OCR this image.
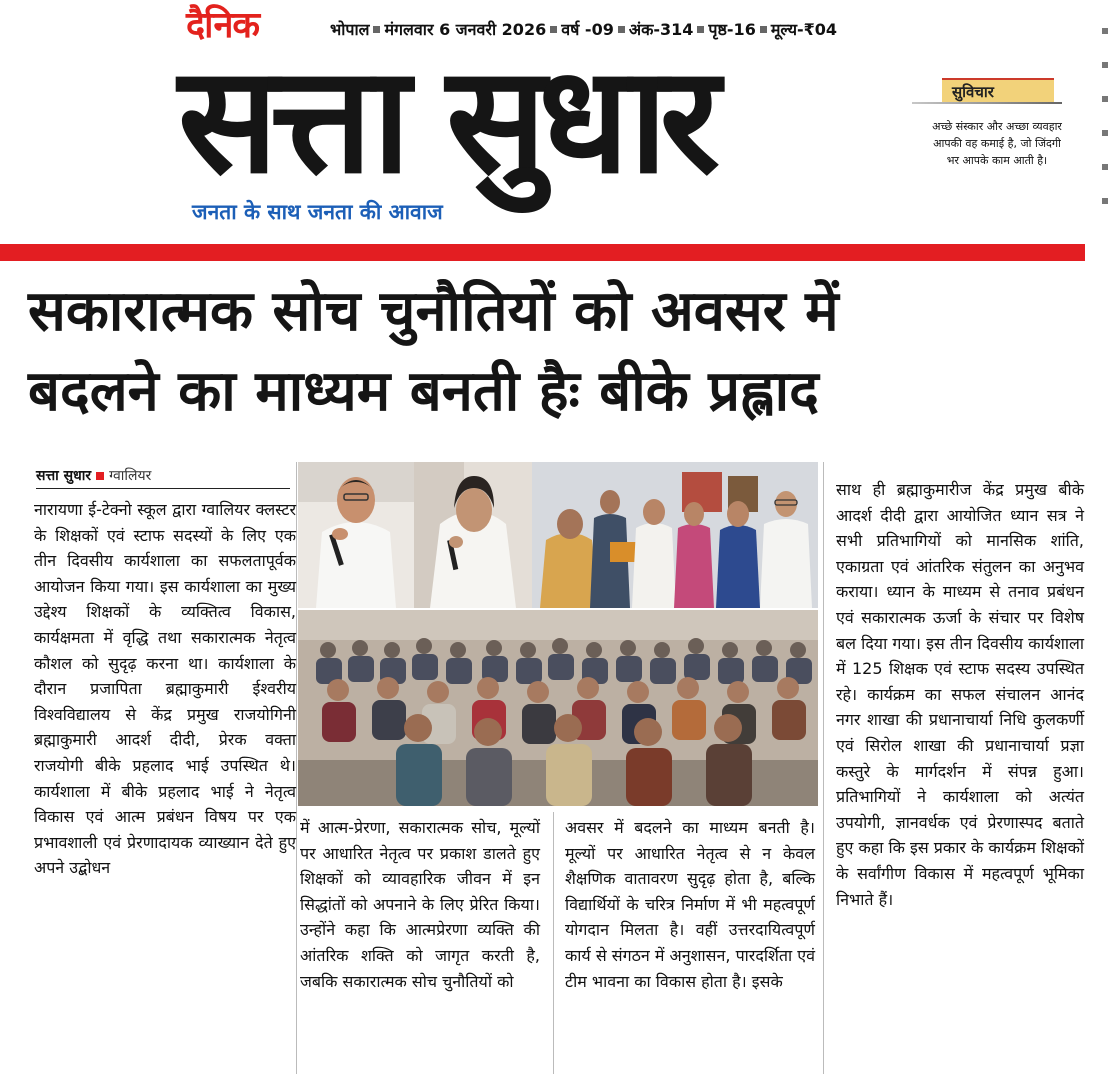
दैनिक	भोपाल मंगलवार 6 जनवरी 2026 वर्ष -09 अंक-314 पृष्ठ-16 मूल्य-₹04
सत्ता सुधार
जनता के साथ जनता की आवाज
सुविचार
अच्छे संस्कार और अच्छा व्यवहार आपकी वह कमाई है, जो जिंदगी भर आपके काम आती है।
सकारात्मक सोच चुनौतियों को अवसर में
बदलने का माध्यम बनती हैः बीके प्रह्लाद
सत्ता सुधार ग्वालियर
नारायणा ई-टेक्नो स्कूल द्वारा ग्वालियर क्लस्टर के शिक्षकों एवं स्टाफ सदस्यों के लिए एक तीन दिवसीय कार्यशाला का सफलतापूर्वक आयोजन किया गया। इस कार्यशाला का मुख्य उद्देश्य शिक्षकों के व्यक्तित्व विकास, कार्यक्षमता में वृद्धि तथा सकारात्मक नेतृत्व कौशल को सुदृढ़ करना था। कार्यशाला के दौरान प्रजापिता ब्रह्माकुमारी ईश्वरीय विश्वविद्यालय से केंद्र प्रमुख राजयोगिनी ब्रह्माकुमारी आदर्श दीदी, प्रेरक वक्ता राजयोगी बीके प्रहलाद भाई उपस्थित थे। कार्यशाला में बीके प्रहलाद भाई ने नेतृत्व विकास एवं आत्म प्रबंधन विषय पर एक प्रभावशाली एवं प्रेरणादायक व्याख्यान देते हुए अपने उद्बोधन
में आत्म-प्रेरणा, सकारात्मक सोच, मूल्यों पर आधारित नेतृत्व पर प्रकाश डालते हुए शिक्षकों को व्यावहारिक जीवन में इन सिद्धांतों को अपनाने के लिए प्रेरित किया। उन्होंने कहा कि आत्मप्रेरणा व्यक्ति की आंतरिक शक्ति को जागृत करती है, जबकि सकारात्मक सोच चुनौतियों को
अवसर में बदलने का माध्यम बनती है। मूल्यों पर आधारित नेतृत्व से न केवल शैक्षणिक वातावरण सुदृढ़ होता है, बल्कि विद्यार्थियों के चरित्र निर्माण में भी महत्वपूर्ण योगदान मिलता है। वहीं उत्तरदायित्वपूर्ण कार्य से संगठन में अनुशासन, पारदर्शिता एवं टीम भावना का विकास होता है। इसके
साथ ही ब्रह्माकुमारीज केंद्र प्रमुख बीके आदर्श दीदी द्वारा आयोजित ध्यान सत्र ने सभी प्रतिभागियों को मानसिक शांति, एकाग्रता एवं आंतरिक संतुलन का अनुभव कराया। ध्यान के माध्यम से तनाव प्रबंधन एवं सकारात्मक ऊर्जा के संचार पर विशेष बल दिया गया। इस तीन दिवसीय कार्यशाला में 125 शिक्षक एवं स्टाफ सदस्य उपस्थित रहे। कार्यक्रम का सफल संचालन आनंद नगर शाखा की प्रधानाचार्या निधि कुलकर्णी एवं सिरोल शाखा की प्रधानाचार्या प्रज्ञा कस्तुरे के मार्गदर्शन में संपन्न हुआ। प्रतिभागियों ने कार्यशाला को अत्यंत उपयोगी, ज्ञानवर्धक एवं प्रेरणास्पद बताते हुए कहा कि इस प्रकार के कार्यक्रम शिक्षकों के सर्वांगीण विकास में महत्वपूर्ण भूमिका निभाते हैं।
